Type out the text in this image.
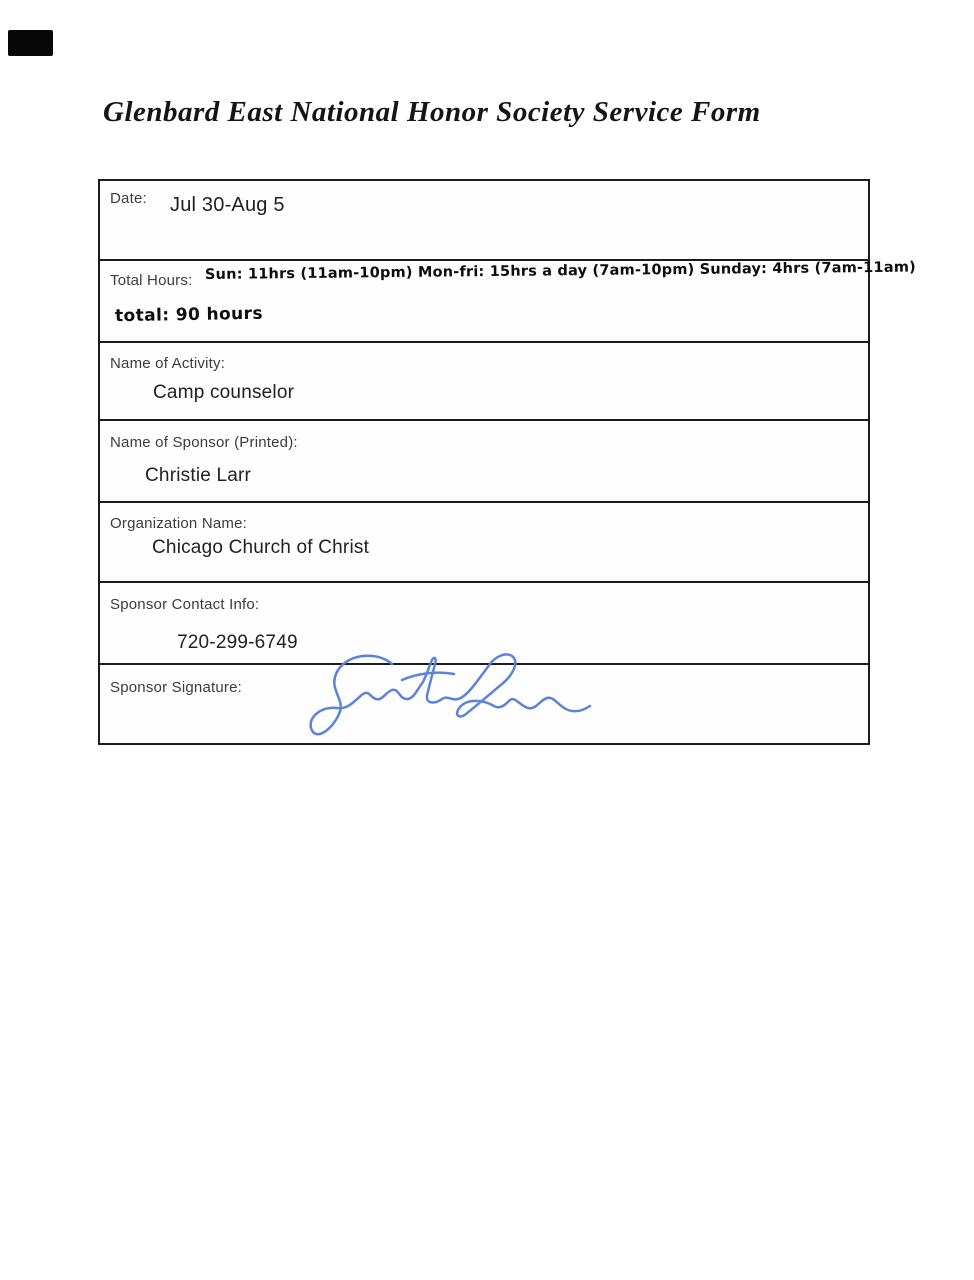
Glenbard East National Honor Society Service Form
Date: Jul 30-Aug 5
Total Hours: Sun: 11hrs (11am-10pm) Mon-fri: 15hrs a day (7am-10pm) Sunday: 4hrs (7am-11am)
total: 90 hours
Name of Activity:
Camp counselor
Name of Sponsor (Printed):
Christie Larr
Organization Name:
Chicago Church of Christ
Sponsor Contact Info:
720-299-6749
Sponsor Signature:
